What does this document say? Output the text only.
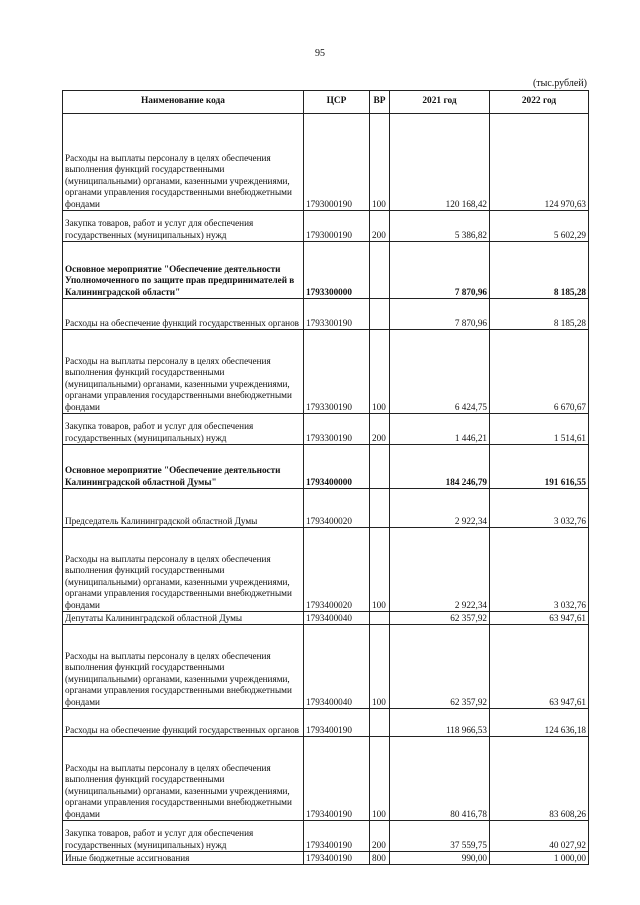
95
(тыс.рублей)
Наименование кода	ЦСР	ВР	2021 год	2022 год
Расходы на выплаты персоналу в целях обеспечения выполнения функций государственными (муниципальными) органами, казенными учреждениями, органами управления государственными внебюджетными фондами	1793000190	100	120 168,42	124 970,63
Закупка товаров, работ и услуг для обеспечения государственных (муниципальных) нужд	1793000190	200	5 386,82	5 602,29
Основное мероприятие "Обеспечение деятельности Уполномоченного по защите прав предпринимателей в Калининградской области"	1793300000		7 870,96	8 185,28
Расходы на обеспечение функций государственных органов	1793300190		7 870,96	8 185,28
Расходы на выплаты персоналу в целях обеспечения выполнения функций государственными (муниципальными) органами, казенными учреждениями, органами управления государственными внебюджетными фондами	1793300190	100	6 424,75	6 670,67
Закупка товаров, работ и услуг для обеспечения государственных (муниципальных) нужд	1793300190	200	1 446,21	1 514,61
Основное мероприятие "Обеспечение деятельности Калининградской областной Думы"	1793400000		184 246,79	191 616,55
Председатель Калининградской областной Думы	1793400020		2 922,34	3 032,76
Расходы на выплаты персоналу в целях обеспечения выполнения функций государственными (муниципальными) органами, казенными учреждениями, органами управления государственными внебюджетными фондами	1793400020	100	2 922,34	3 032,76
Депутаты Калининградской областной Думы	1793400040		62 357,92	63 947,61
Расходы на выплаты персоналу в целях обеспечения выполнения функций государственными (муниципальными) органами, казенными учреждениями, органами управления государственными внебюджетными фондами	1793400040	100	62 357,92	63 947,61
Расходы на обеспечение функций государственных органов	1793400190		118 966,53	124 636,18
Расходы на выплаты персоналу в целях обеспечения выполнения функций государственными (муниципальными) органами, казенными учреждениями, органами управления государственными внебюджетными фондами	1793400190	100	80 416,78	83 608,26
Закупка товаров, работ и услуг для обеспечения государственных (муниципальных) нужд	1793400190	200	37 559,75	40 027,92
Иные бюджетные ассигнования	1793400190	800	990,00	1 000,00
